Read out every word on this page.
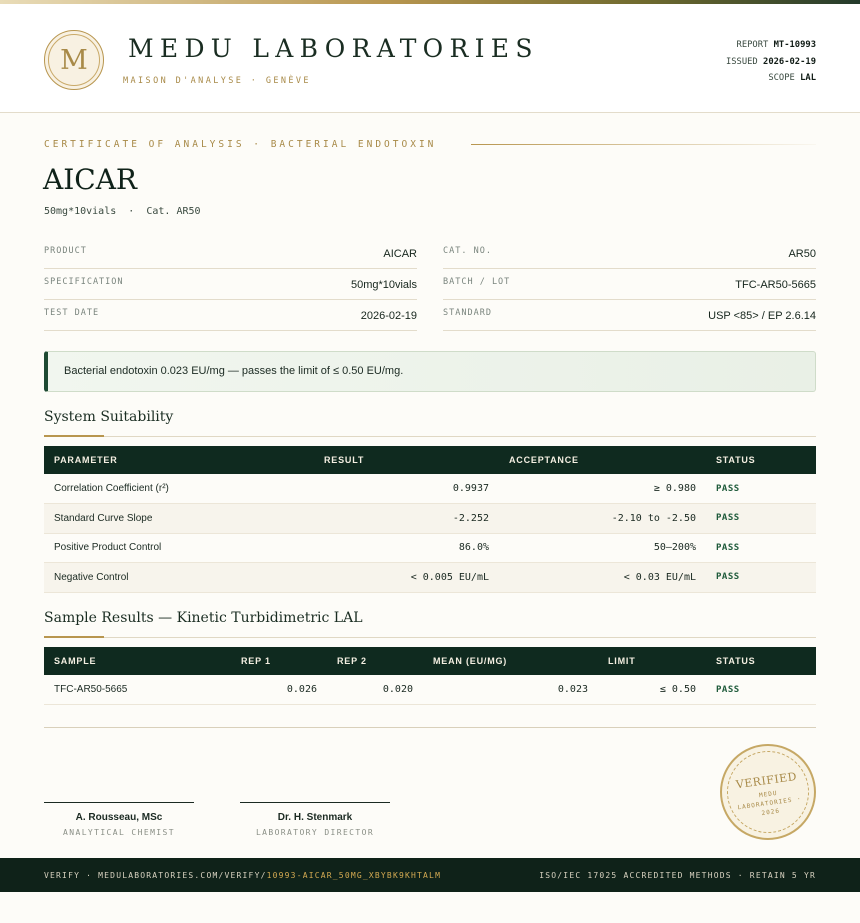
M MEDU LABORATORIES
MAISON D'ANALYSE · GENÈVE
REPORT MT-10993
ISSUED 2026-02-19
SCOPE LAL
CERTIFICATE OF ANALYSIS · BACTERIAL ENDOTOXIN
AICAR
50mg*10vials  ·  Cat. AR50
PRODUCT	AICAR
SPECIFICATION	50mg*10vials
TEST DATE	2026-02-19
CAT. NO.	AR50
BATCH / LOT	TFC-AR50-5665
STANDARD	USP <85> / EP 2.6.14
Bacterial endotoxin 0.023 EU/mg — passes the limit of ≤ 0.50 EU/mg.
System Suitability
PARAMETER	RESULT	ACCEPTANCE	STATUS
Correlation Coefficient (r²)	0.9937	≥ 0.980	PASS
Standard Curve Slope	-2.252	-2.10 to -2.50	PASS
Positive Product Control	86.0%	50–200%	PASS
Negative Control	< 0.005 EU/mL	< 0.03 EU/mL	PASS
Sample Results — Kinetic Turbidimetric LAL
SAMPLE	REP 1	REP 2	MEAN (EU/MG)	LIMIT	STATUS
TFC-AR50-5665	0.026	0.020	0.023	≤ 0.50	PASS
A. Rousseau, MSc
ANALYTICAL CHEMIST
Dr. H. Stenmark
LABORATORY DIRECTOR
VERIFIED
MEDU LABORATORIES · 2026
VERIFY · MEDULABORATORIES.COM/VERIFY/10993-AICAR_50MG_XBYBK9KHTALM	ISO/IEC 17025 ACCREDITED METHODS · RETAIN 5 YR
